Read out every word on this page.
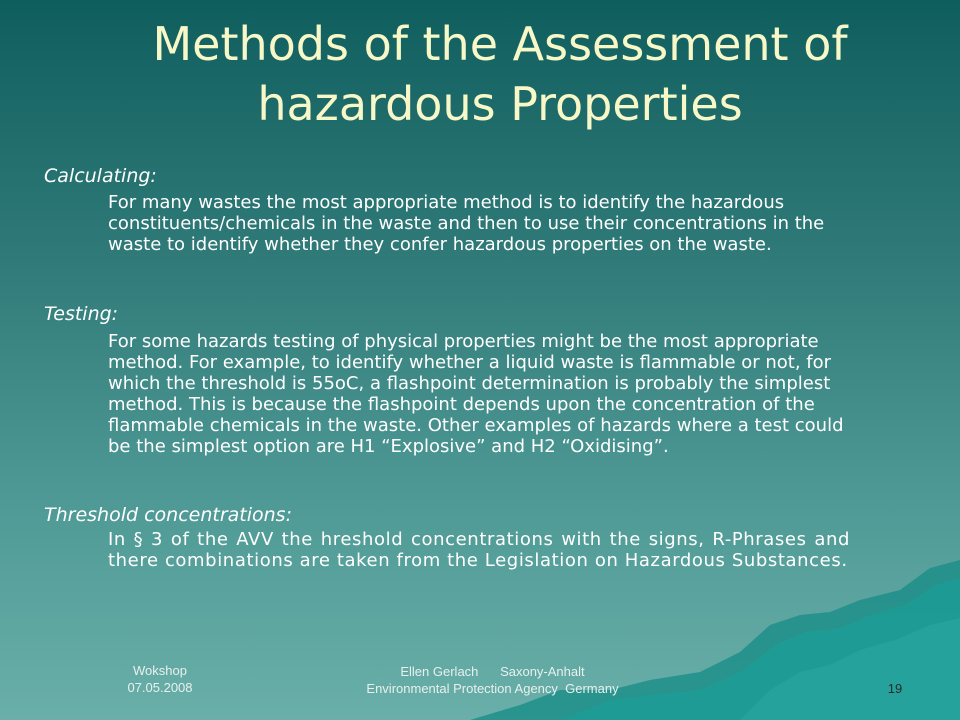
Methods of the Assessment of
hazardous Properties
Calculating:
For many wastes the most appropriate method is to identify the hazardous constituents/chemicals in the waste and then to use their concentrations in the waste to identify whether they confer hazardous properties on the waste.
Testing:
For some hazards testing of physical properties might be the most appropriate method. For example, to identify whether a liquid waste is flammable or not, for which the threshold is 55oC, a flashpoint determination is probably the simplest method. This is because the flashpoint depends upon the concentration of the flammable chemicals in the waste. Other examples of hazards where a test could be the simplest option are H1 “Explosive” and H2 “Oxidising”.
Threshold concentrations:
In § 3 of the AVV the hreshold concentrations with the signs, R-Phrases and there combinations are taken from the Legislation on Hazardous Substances.
Wokshop
07.05.2008
Ellen Gerlach      Saxony-Anhalt
Environmental Protection Agency  Germany	19
